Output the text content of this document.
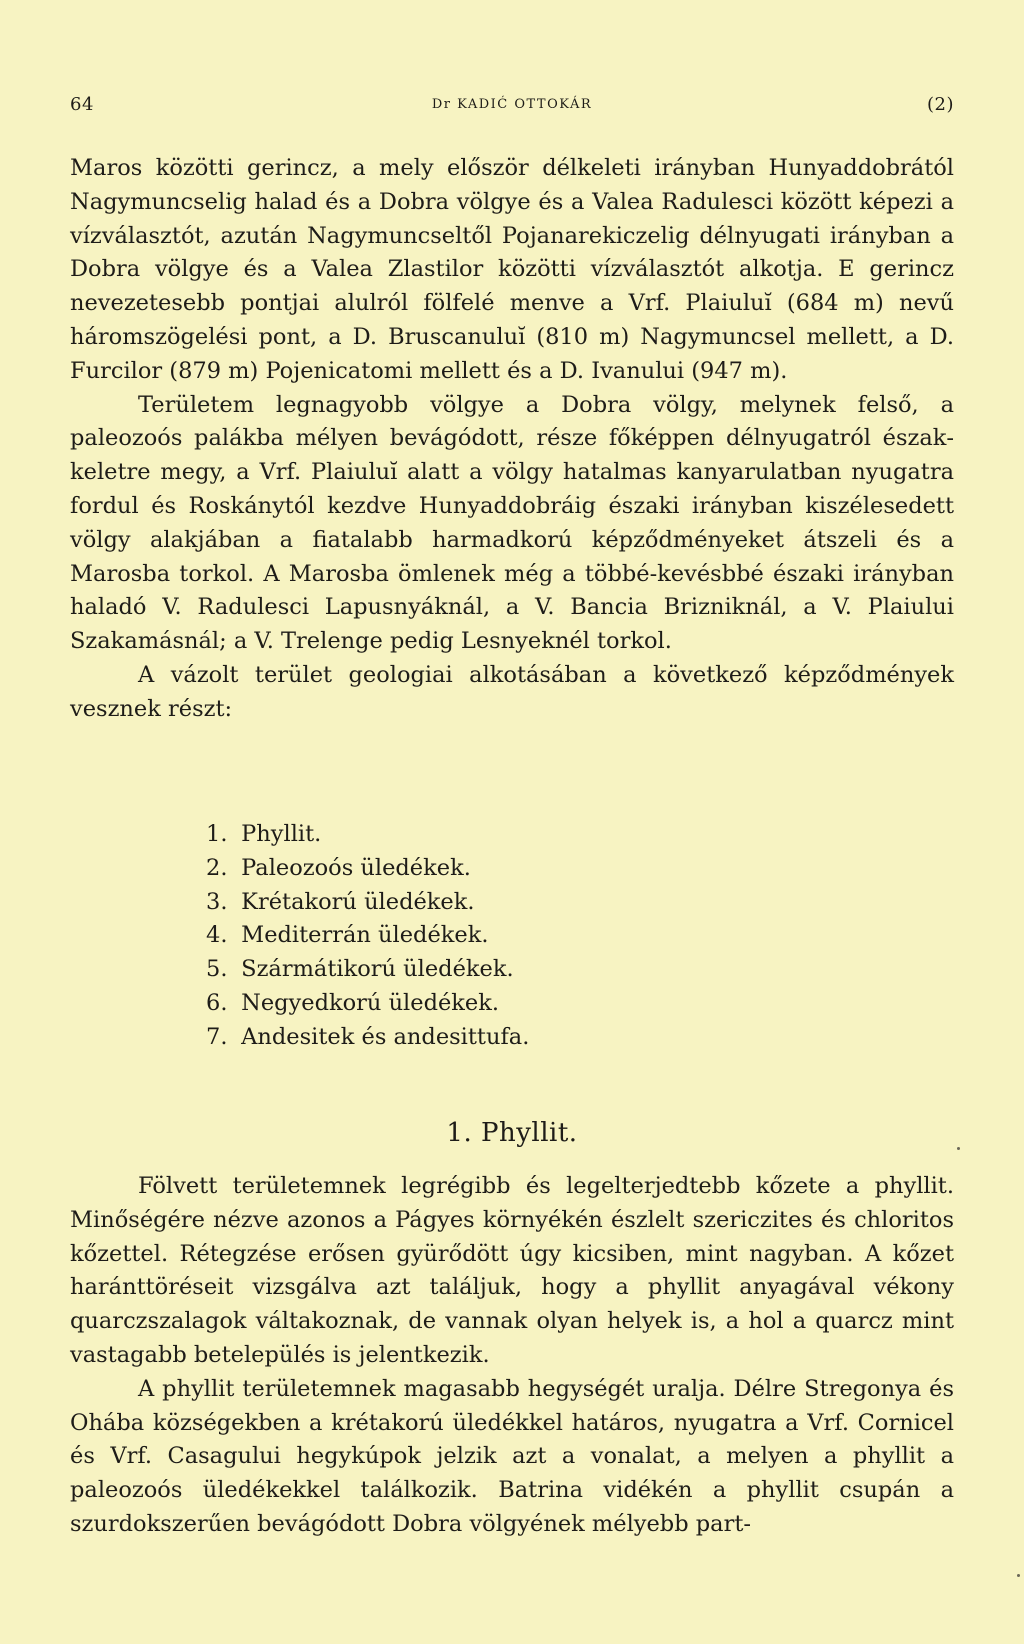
64	Dr KADIĆ OTTOKÁR	(2)

Maros közötti gerincz, a mely először délkeleti irányban Hunyaddobrától Nagymuncselig halad és a Dobra völgye és a Valea Radulesci között képezi a vízválasztót, azután Nagymuncseltől Pojanarekiczelig délnyugati irányban a Dobra völgye és a Valea Zlastilor közötti vízválasztót alkotja. E gerincz nevezetesebb pontjai alulról fölfelé menve a Vrf. Plaiuluĭ (684 m) nevű háromszögelési pont, a D. Bruscanuluĭ (810 m) Nagymuncsel mellett, a D. Furcilor (879 m) Pojenicatomi mellett és a D. Ivanului (947 m).

Területem legnagyobb völgye a Dobra völgy, melynek felső, a paleozoós palákba mélyen bevágódott, része főképpen délnyugatról északkeletre megy, a Vrf. Plaiuluĭ alatt a völgy hatalmas kanyarulatban nyugatra fordul és Roskánytól kezdve Hunyaddobráig északi irányban kiszélesedett völgy alakjában a fiatalabb harmadkorú képződményeket átszeli és a Marosba torkol. A Marosba ömlenek még a többé-kevésbbé északi irányban haladó V. Radulesci Lapusnyáknál, a V. Bancia Brizniknál, a V. Plaiului Szakamásnál; a V. Trelenge pedig Lesnyeknél torkol.

A vázolt terület geologiai alkotásában a következő képződmények vesznek részt:

1. Phyllit.
2. Paleozoós üledékek.
3. Krétakorú üledékek.
4. Mediterrán üledékek.
5. Szármátikorú üledékek.
6. Negyedkorú üledékek.
7. Andesitek és andesittufa.
1. Phyllit.

Fölvett területemnek legrégibb és legelterjedtebb kőzete a phyllit. Minőségére nézve azonos a Págyes környékén észlelt szericzites és chloritos kőzettel. Rétegzése erősen gyürődött úgy kicsiben, mint nagyban. A kőzet haránttöréseit vizsgálva azt találjuk, hogy a phyllit anyagával vékony quarczszalagok váltakoznak, de vannak olyan helyek is, a hol a quarcz mint vastagabb betelepülés is jelentkezik.

A phyllit területemnek magasabb hegységét uralja. Délre Stregonya és Ohába községekben a krétakorú üledékkel határos, nyugatra a Vrf. Cornicel és Vrf. Casagului hegykúpok jelzik azt a vonalat, a melyen a phyllit a paleozoós üledékekkel találkozik. Batrina vidékén a phyllit csupán a szurdokszerűen bevágódott Dobra völgyének mélyebb part-
